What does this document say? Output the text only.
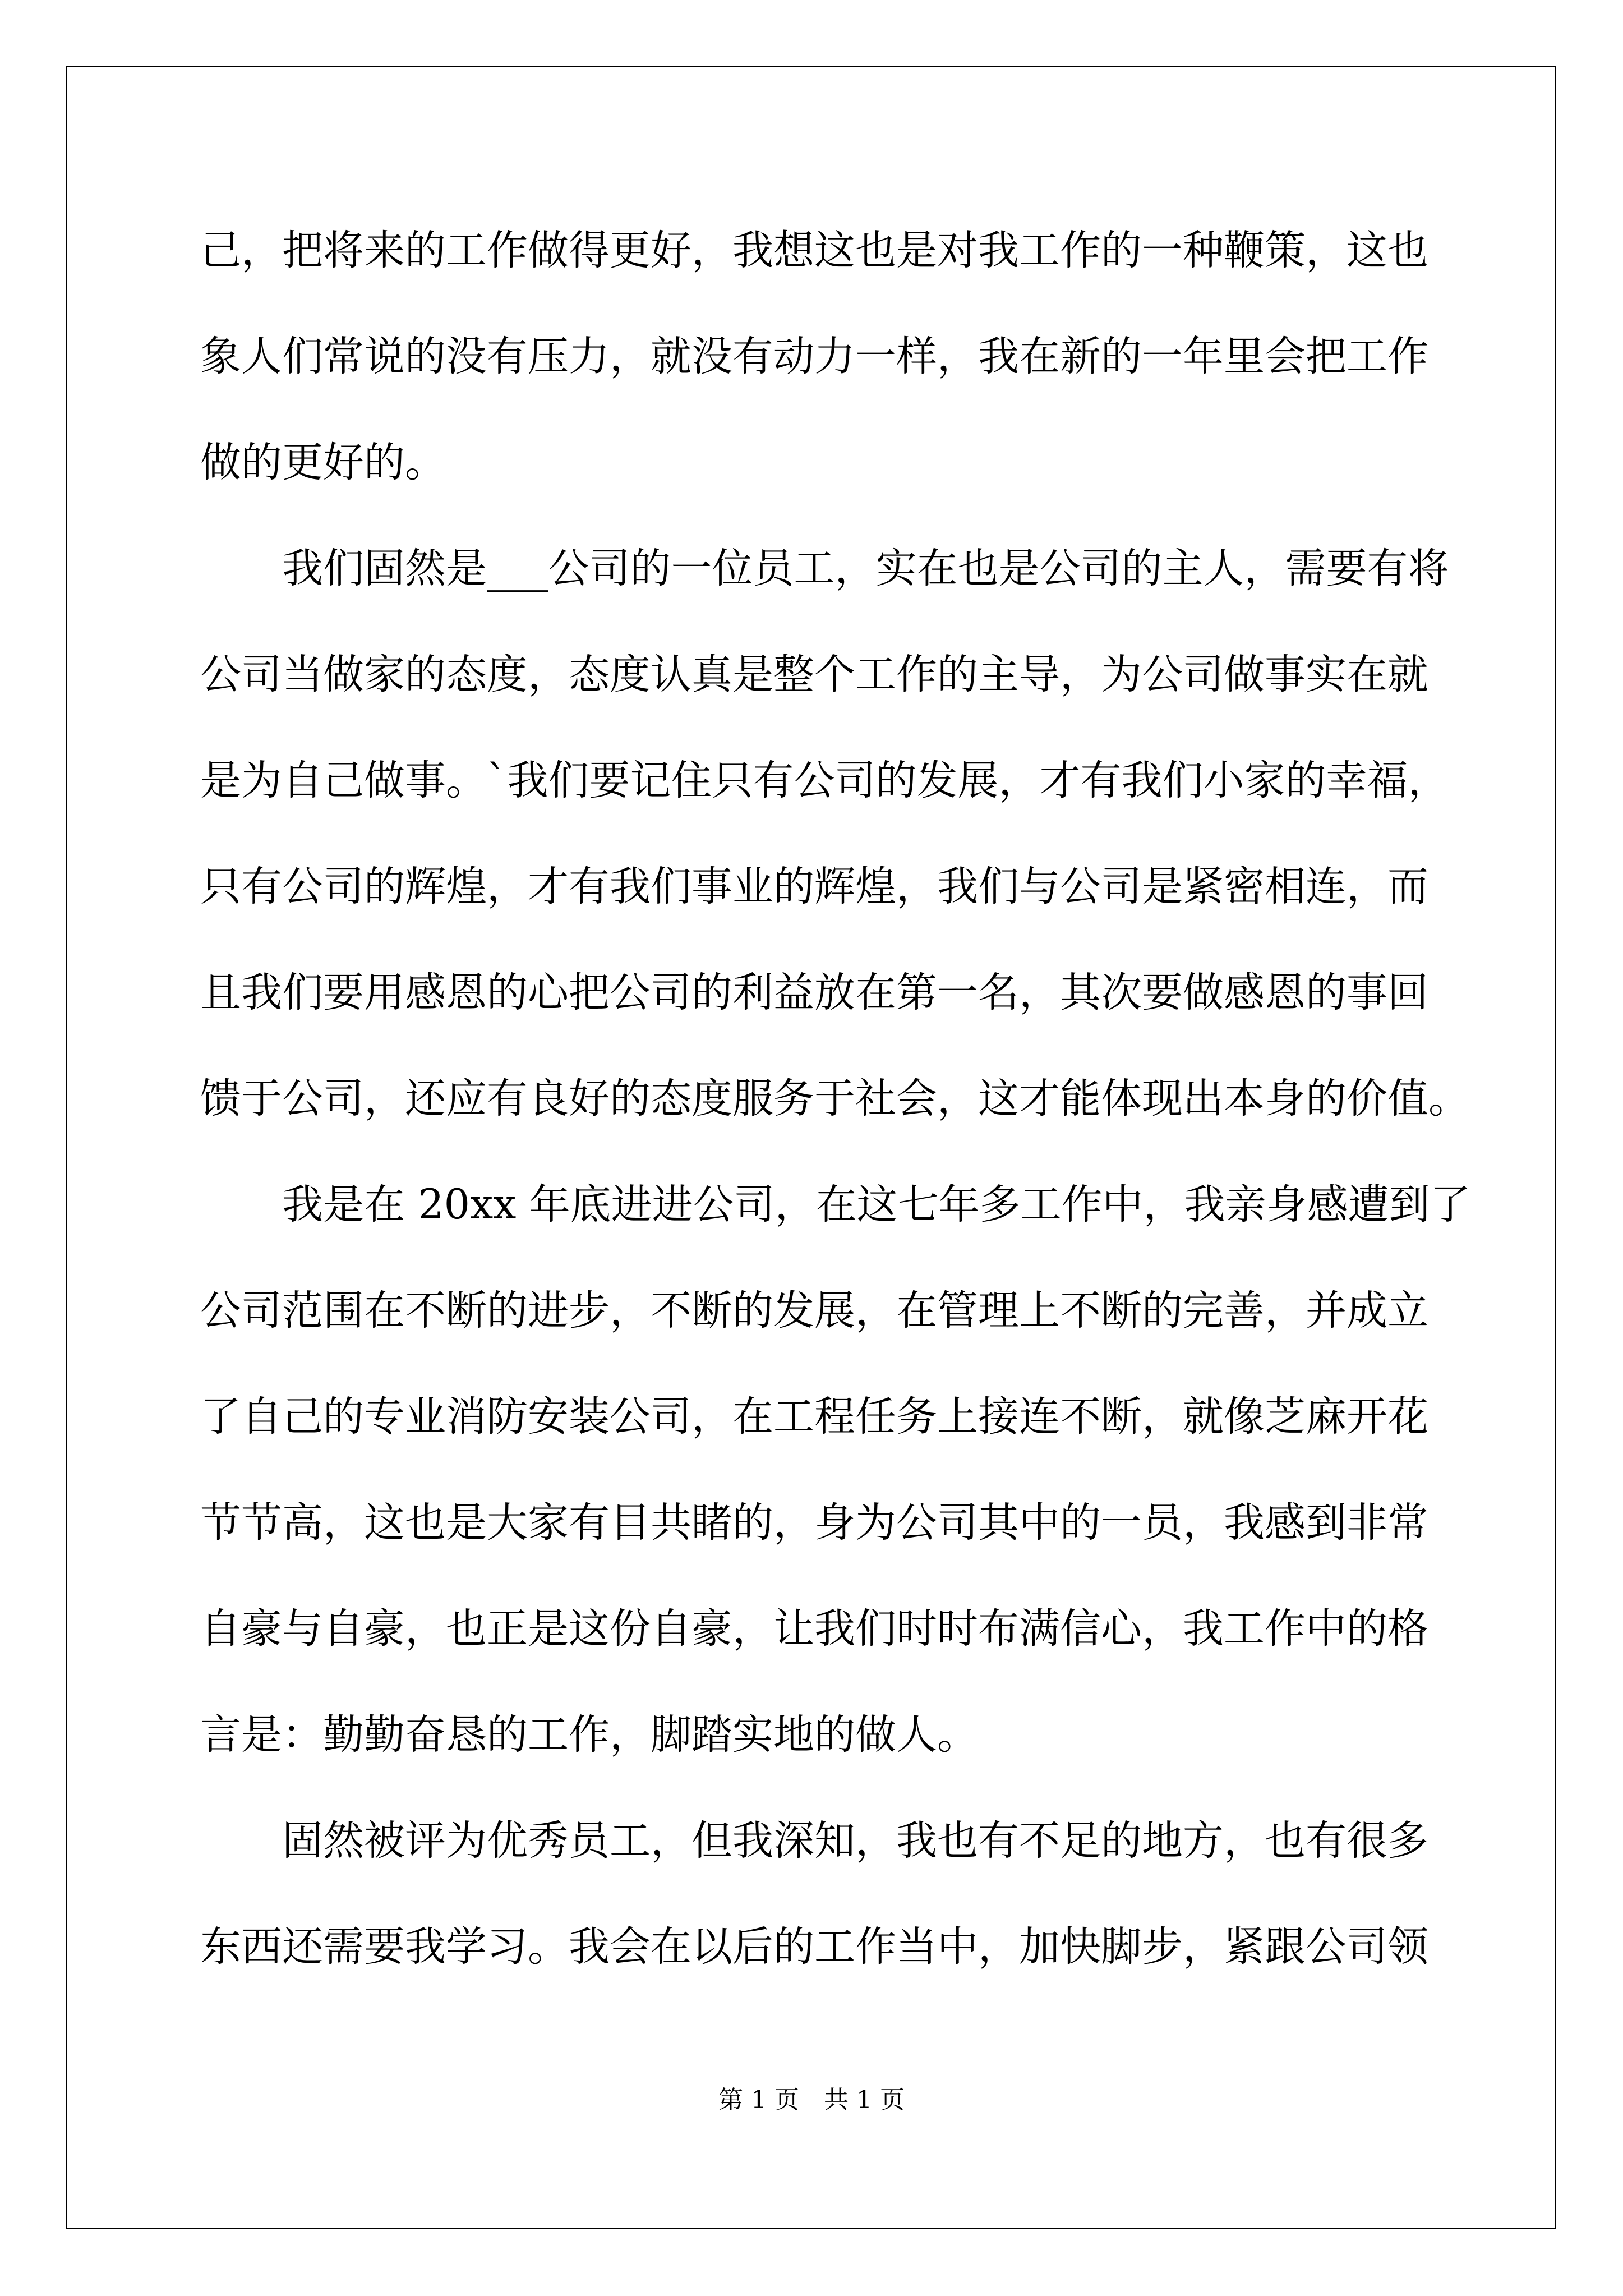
己，把将来的工作做得更好，我想这也是对我工作的一种鞭策，这也
象人们常说的没有压力，就没有动力一样，我在新的一年里会把工作
做的更好的。
　　我们固然是___公司的一位员工，实在也是公司的主人，需要有将
公司当做家的态度，态度认真是整个工作的主导，为公司做事实在就
是为自己做事。`我们要记住只有公司的发展，才有我们小家的幸福，
只有公司的辉煌，才有我们事业的辉煌，我们与公司是紧密相连，而
且我们要用感恩的心把公司的利益放在第一名，其次要做感恩的事回
馈于公司，还应有良好的态度服务于社会，这才能体现出本身的价值。
　　我是在 20xx 年底进进公司，在这七年多工作中，我亲身感遭到了
公司范围在不断的进步，不断的发展，在管理上不断的完善，并成立
了自己的专业消防安装公司，在工程任务上接连不断，就像芝麻开花
节节高，这也是大家有目共睹的，身为公司其中的一员，我感到非常
自豪与自豪，也正是这份自豪，让我们时时布满信心，我工作中的格
言是：勤勤奋恳的工作，脚踏实地的做人。
　　固然被评为优秀员工，但我深知，我也有不足的地方，也有很多
东西还需要我学习。我会在以后的工作当中，加快脚步，紧跟公司领
第 1 页　共 1 页
